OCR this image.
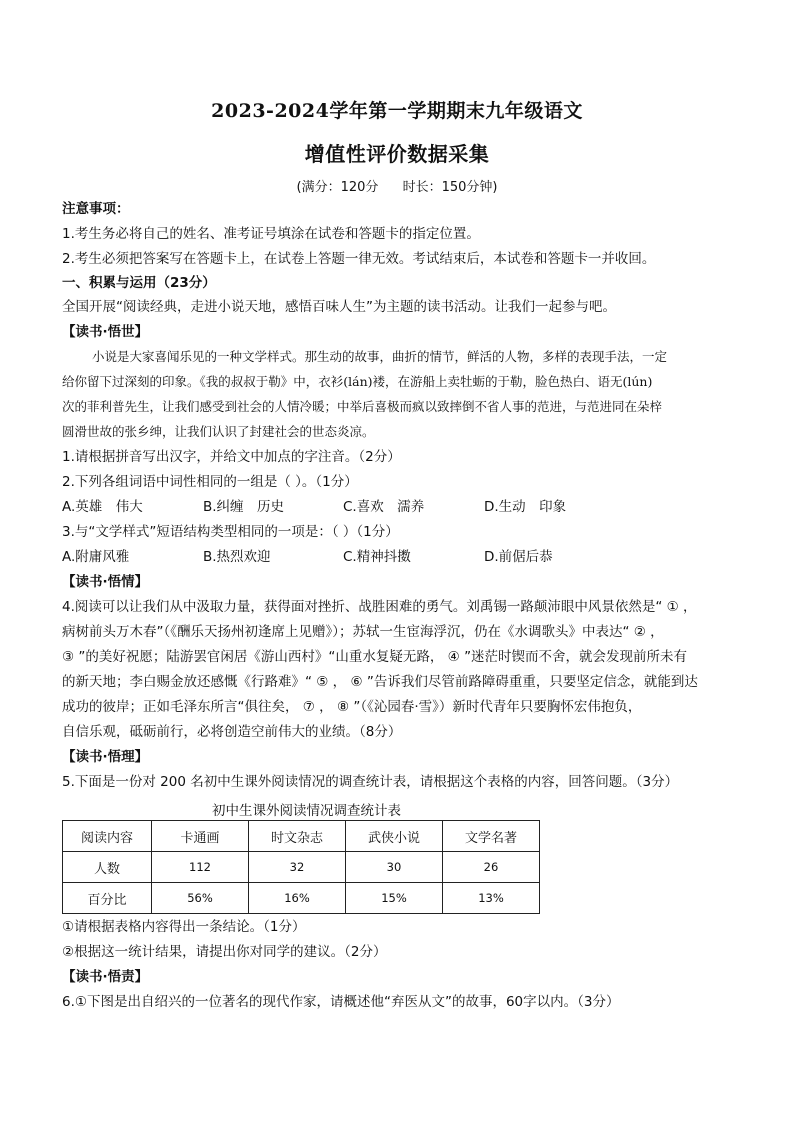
2023-2024学年第一学期期末九年级语文
增值性评价数据采集
(满分：120分 时长：150分钟)
注意事项：
1.考生务必将自己的姓名、准考证号填涂在试卷和答题卡的指定位置。
2.考生必须把答案写在答题卡上，在试卷上答题一律无效。考试结束后，本试卷和答题卡一并收回。
一、积累与运用（23分）
全国开展“阅读经典，走进小说天地，感悟百味人生”为主题的读书活动。让我们一起参与吧。
【读书·悟世】
小说是大家喜闻乐见的一种文学样式。那生动的故事，曲折的情节，鲜活的人物，多样的表现手法，一定
给你留下过深刻的印象。《我的叔叔于勒》中，衣衫(lán)褛，在游船上卖牡蛎的于勒，脸色热白、语无(lún)
次的菲利普先生，让我们感受到社会的人情冷暖；中举后喜极而疯以致摔倒不省人事的范进，与范进同在朵梓
圆滑世故的张乡绅，让我们认识了封建社会的世态炎凉。
1.请根据拼音写出汉字，并给文中加点的字注音。（2分）
2.下列各组词语中词性相同的一组是（ ）。（1分）
A.英雄　伟大	B.纠缠　历史	C.喜欢　濡养	D.生动　印象
3.与“文学样式”短语结构类型相同的一项是：（ ）（1分）
A.附庸风雅	B.热烈欢迎	C.精神抖擞	D.前倨后恭
【读书·悟情】
4.阅读可以让我们从中汲取力量，获得面对挫折、战胜困难的勇气。刘禹锡一路颠沛眼中风景依然是“ ① ，
病树前头万木春”（《酬乐天扬州初逢席上见赠》）；苏轼一生宦海浮沉，仍在《水调歌头》中表达“ ② ，
③ ”的美好祝愿；陆游罢官闲居《游山西村》“山重水复疑无路， ④ ”迷茫时锲而不舍，就会发现前所未有
的新天地；李白赐金放还感慨《行路难》“ ⑤ ， ⑥ ”告诉我们尽管前路障碍重重，只要坚定信念，就能到达
成功的彼岸；正如毛泽东所言“俱往矣， ⑦ ， ⑧ ”（《沁园春·雪》）新时代青年只要胸怀宏伟抱负，
自信乐观，砥砺前行，必将创造空前伟大的业绩。（8分）
【读书·悟理】
5.下面是一份对 200 名初中生课外阅读情况的调查统计表，请根据这个表格的内容，回答问题。（3分）
初中生课外阅读情况调查统计表
阅读内容	卡通画	时文杂志	武侠小说	文学名著
人数	112	32	30	26
百分比	56%	16%	15%	13%
①请根据表格内容得出一条结论。（1分）
②根据这一统计结果，请提出你对同学的建议。（2分）
【读书·悟责】
6.①下图是出自绍兴的一位著名的现代作家，请概述他“弃医从文”的故事，60字以内。（3分）
